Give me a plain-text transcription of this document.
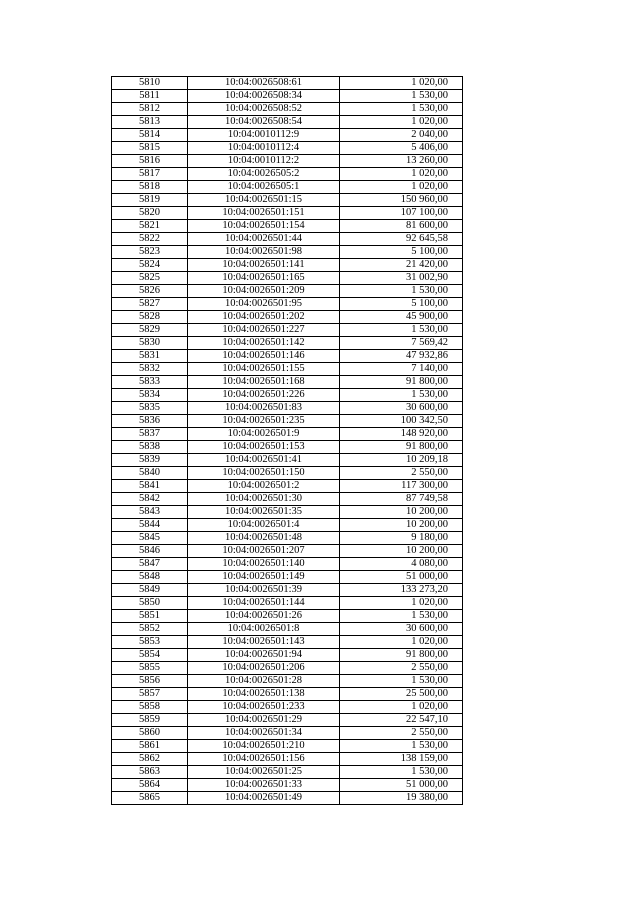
5810	10:04:0026508:61	1 020,00
5811	10:04:0026508:34	1 530,00
5812	10:04:0026508:52	1 530,00
5813	10:04:0026508:54	1 020,00
5814	10:04:0010112:9	2 040,00
5815	10:04:0010112:4	5 406,00
5816	10:04:0010112:2	13 260,00
5817	10:04:0026505:2	1 020,00
5818	10:04:0026505:1	1 020,00
5819	10:04:0026501:15	150 960,00
5820	10:04:0026501:151	107 100,00
5821	10:04:0026501:154	81 600,00
5822	10:04:0026501:44	92 645,58
5823	10:04:0026501:98	5 100,00
5824	10:04:0026501:141	21 420,00
5825	10:04:0026501:165	31 002,90
5826	10:04:0026501:209	1 530,00
5827	10:04:0026501:95	5 100,00
5828	10:04:0026501:202	45 900,00
5829	10:04:0026501:227	1 530,00
5830	10:04:0026501:142	7 569,42
5831	10:04:0026501:146	47 932,86
5832	10:04:0026501:155	7 140,00
5833	10:04:0026501:168	91 800,00
5834	10:04:0026501:226	1 530,00
5835	10:04:0026501:83	30 600,00
5836	10:04:0026501:235	100 342,50
5837	10:04:0026501:9	148 920,00
5838	10:04:0026501:153	91 800,00
5839	10:04:0026501:41	10 209,18
5840	10:04:0026501:150	2 550,00
5841	10:04:0026501:2	117 300,00
5842	10:04:0026501:30	87 749,58
5843	10:04:0026501:35	10 200,00
5844	10:04:0026501:4	10 200,00
5845	10:04:0026501:48	9 180,00
5846	10:04:0026501:207	10 200,00
5847	10:04:0026501:140	4 080,00
5848	10:04:0026501:149	51 000,00
5849	10:04:0026501:39	133 273,20
5850	10:04:0026501:144	1 020,00
5851	10:04:0026501:26	1 530,00
5852	10:04:0026501:8	30 600,00
5853	10:04:0026501:143	1 020,00
5854	10:04:0026501:94	91 800,00
5855	10:04:0026501:206	2 550,00
5856	10:04:0026501:28	1 530,00
5857	10:04:0026501:138	25 500,00
5858	10:04:0026501:233	1 020,00
5859	10:04:0026501:29	22 547,10
5860	10:04:0026501:34	2 550,00
5861	10:04:0026501:210	1 530,00
5862	10:04:0026501:156	138 159,00
5863	10:04:0026501:25	1 530,00
5864	10:04:0026501:33	51 000,00
5865	10:04:0026501:49	19 380,00
